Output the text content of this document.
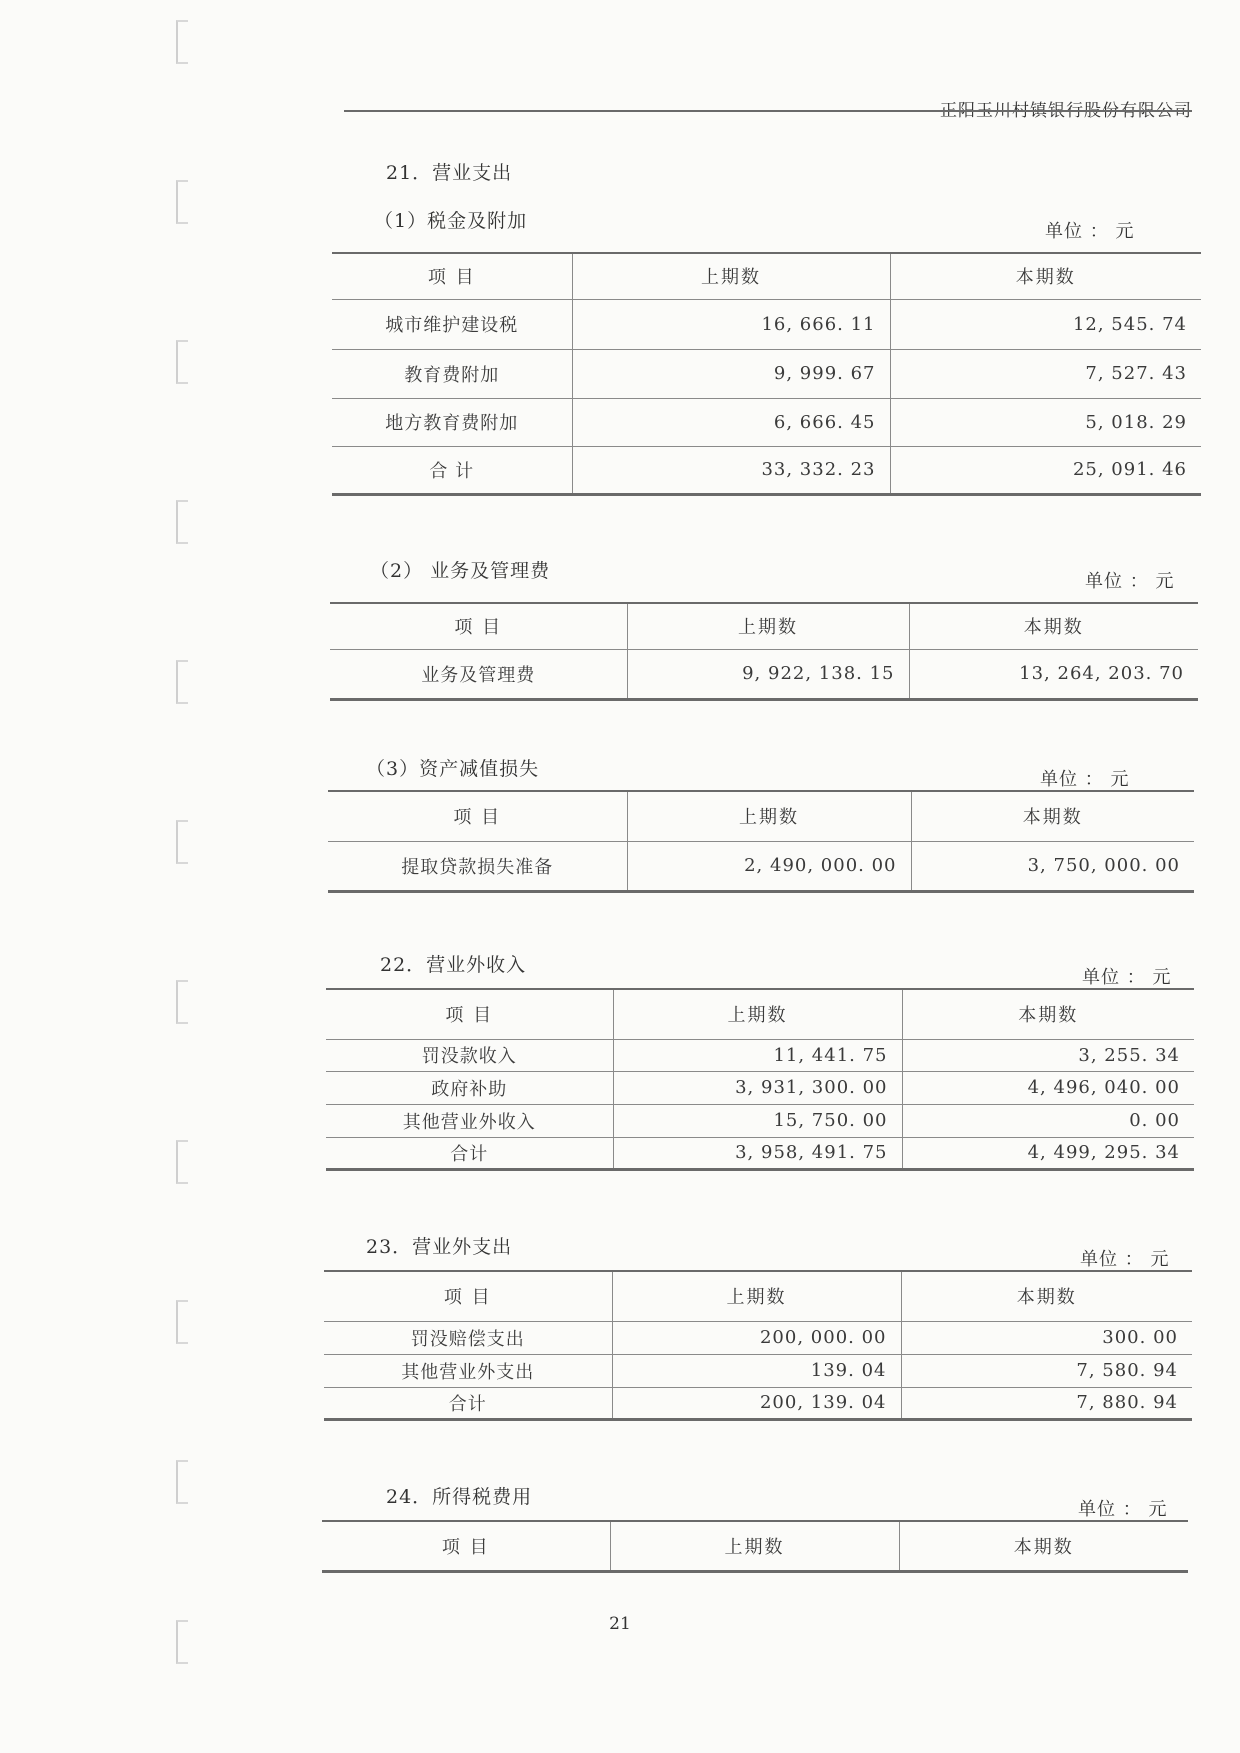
正阳玉川村镇银行股份有限公司
21．营业支出
（1）税金及附加	单位 ： 元
项 目	上期数	本期数
城市维护建设税	16, 666. 11	12, 545. 74
教育费附加	9, 999. 67	7, 527. 43
地方教育费附加	6, 666. 45	5, 018. 29
合 计	33, 332. 23	25, 091. 46
（2） 业务及管理费	单位 ： 元
项 目	上期数	本期数
业务及管理费	9, 922, 138. 15	13, 264, 203. 70
（3）资产减值损失	单位 ： 元
项 目	上期数	本期数
提取贷款损失准备	2, 490, 000. 00	3, 750, 000. 00
22．营业外收入
单位 ： 元
项 目	上期数	本期数
罚没款收入	11, 441. 75	3, 255. 34
政府补助	3, 931, 300. 00	4, 496, 040. 00
其他营业外收入	15, 750. 00	0. 00
合计	3, 958, 491. 75	4, 499, 295. 34
23．营业外支出
单位 ： 元
项 目	上期数	本期数
罚没赔偿支出	200, 000. 00	300. 00
其他营业外支出	139. 04	7, 580. 94
合计	200, 139. 04	7, 880. 94
24．所得税费用
单位 ： 元
项 目	上期数	本期数
21
